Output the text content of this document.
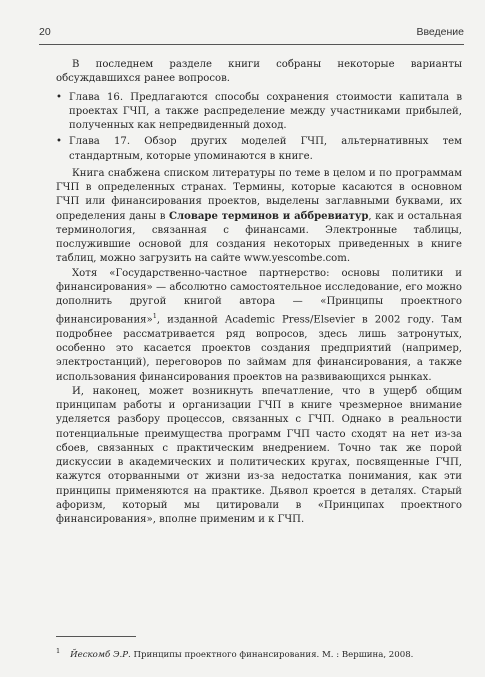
20	Введение

В последнем разделе книги собраны некоторые варианты обсуждавшихся ранее вопросов.

• Глава 16. Предлагаются способы сохранения стоимости капитала в проектах ГЧП, а также распределение между участниками прибылей, полученных как непредвиденный доход.
• Глава 17. Обзор других моделей ГЧП, альтернативных тем стандартным, которые упоминаются в книге.

Книга снабжена списком литературы по теме в целом и по программам ГЧП в определенных странах. Термины, которые касаются в основном ГЧП или финансирования проектов, выделены заглавными буквами, их определения даны в Словаре терминов и аббревиатур, как и остальная терминология, связанная с финансами. Электронные таблицы, послужившие основой для создания некоторых приведенных в книге таблиц, можно загрузить на сайте www.yescombe.com.

Хотя «Государственно-частное партнерство: основы политики и финансирования» — абсолютно самостоятельное исследование, его можно дополнить другой книгой автора — «Принципы проектного финансирования»$^1$, изданной Academic Press/Elsevier в 2002 году. Там подробнее рассматривается ряд вопросов, здесь лишь затронутых, особенно это касается проектов создания предприятий (например, электростанций), переговоров по займам для финансирования, а также использования финансирования проектов на развивающихся рынках.

И, наконец, может возникнуть впечатление, что в ущерб общим принципам работы и организации ГЧП в книге чрезмерное внимание уделяется разбору процессов, связанных с ГЧП. Однако в реальности потенциальные преимущества программ ГЧП часто сходят на нет из-за сбоев, связанных с практическим внедрением. Точно так же порой дискуссии в академических и политических кругах, посвященные ГЧП, кажутся оторванными от жизни из-за недостатка понимания, как эти принципы применяются на практике. Дьявол кроется в деталях. Старый афоризм, который мы цитировали в «Принципах проектного финансирования», вполне применим и к ГЧП.

$^1$ Йескомб Э.Р. Принципы проектного финансирования. М. : Вершина, 2008.
